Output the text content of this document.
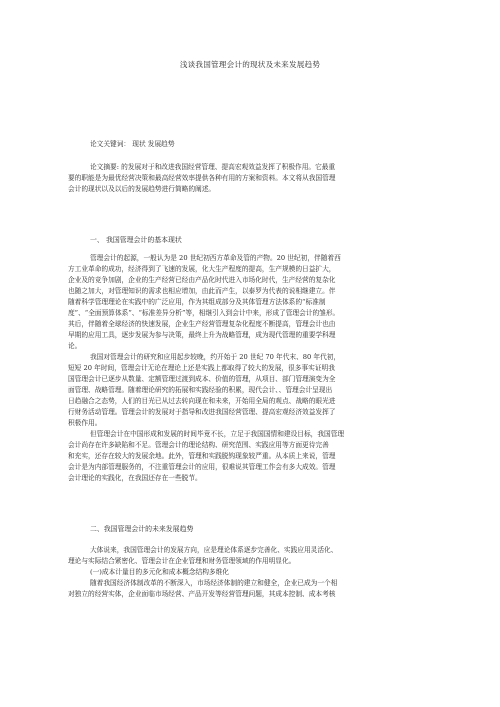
浅谈我国管理会计的现状及未来发展趋势
论文关键词： 现状 发展趋势
论文摘要: 的发展对于和改进我国经营管理、提高宏观效益发挥了积极作用。它最重
要的职能是为最优经营决策和最高经营效率提供各种有用的方案和资料。本文将从我国管理
会计的现状以及以后的发展趋势进行简略的阐述。
一、 我国管理会计的基本现状
管理会计的起源，一般认为是 20 世纪初西方革命及管的产物。20 世纪初，伴随着西
方工业革命的成功，经济得到了飞速的发展，化大生产程度的提高，生产规模的日益扩大，
企业及的竞争加剧，企业的生产经营已经由产品化时代进入市场化时代，生产经营的复杂化
也随之加大，对管理知识的需求也相应增加，由此而产生，以泰罗为代表的说相继建立。伴
随着科学管理理论在实践中的广泛应用，作为其组成部分及其体管理方法体系的“标准制
度”、“全面预算体系”、“标准差异分析”等，相继引入到会计中来，形成了管理会计的雏形。
其后，伴随着全球经济的快速发展，企业生产经营管理复杂化程度不断提高，管理会计也由
早期的应用工具，逐步发展为参与决策，最终上升为战略管理，成为现代管理的重要学科理
论。
我国对管理会计的研究和应用起步较晚，约开始于 20 世纪 70 年代末、80 年代初，
短短 20 年时间，管理会计无论在理论上还是实践上都取得了较大的发展，很多事实证明我
国管理会计已逐步从数量、定额管理过渡到成本、价值的管理，从项目、部门管理演变为全
面管理、战略管理。随着理论研究的拓展和实践经验的积累，现代会计、、管理会计呈现出
日趋融合之态势，人们的目光已从过去转向现在和未来，开始用全局的观点、战略的眼光进
行财务活动管理。管理会计的发展对于指导和改进我国经营管理、提高宏观经济效益发挥了
积极作用。
但管理会计在中国形成和发展的时间毕竟不长，立足于我国国情和建设目标，我国管理
会计尚存在许多缺陷和不足。管理会计的理论结构、研究范围、实践应用等方面更待完善
和充实，还存在较大的发展余地。此外，管理和实践脱钩现象较严重。从本质上来说，管理
会计是为内部管理服务的，不注重管理会计的应用，很难说其管理工作会有多大成效。管理
会计理论的实践化，在我国还存在一些脱节。
二、我国管理会计的未来发展趋势
大体说来，我国管理会计的发展方向，应是理论体系逐步完善化、实践应用灵活化、
理论与实际结合紧密化、管理会计在企业管理和财务管理领域的作用明显化。
(一)成本计量目的多元化和成本概念结构多维化
随着我国经济体制改革的不断深入，市场经济体制的建立和健全，企业已成为一个相
对独立的经营实体，企业面临市场经营、产品开发等经营管理问题，其成本控制、成本考核
